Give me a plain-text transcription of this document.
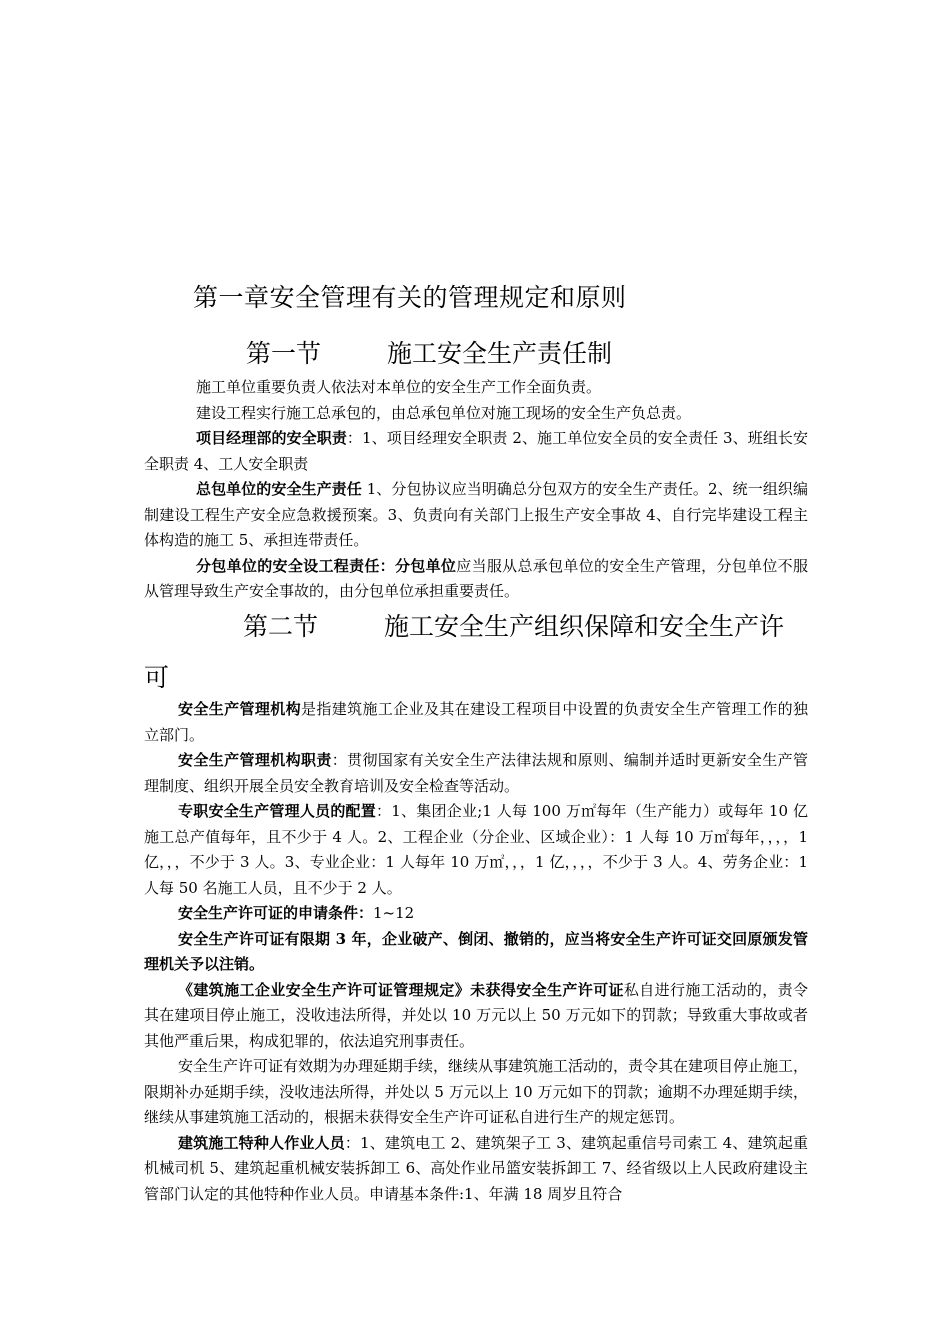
第一章安全管理有关的管理规定和原则
第一节	施工安全生产责任制

施工单位重要负责人依法对本单位的安全生产工作全面负责。

建设工程实行施工总承包的，由总承包单位对施工现场的安全生产负总责。

项目经理部的安全职责：1、项目经理安全职责 2、施工单位安全员的安全责任 3、班组长安全职责 4、工人安全职责

总包单位的安全生产责任 1、分包协议应当明确总分包双方的安全生产责任。2、统一组织编制建设工程生产安全应急救援预案。3、负责向有关部门上报生产安全事故 4、自行完毕建设工程主体构造的施工 5、承担连带责任。

分包单位的安全设工程责任：分包单位应当服从总承包单位的安全生产管理，分包单位不服从管理导致生产安全事故的，由分包单位承担重要责任。

第二节	施工安全生产组织保障和安全生产许
可

安全生产管理机构是指建筑施工企业及其在建设工程项目中设置的负责安全生产管理工作的独立部门。

安全生产管理机构职责：贯彻国家有关安全生产法律法规和原则、编制并适时更新安全生产管理制度、组织开展全员安全教育培训及安全检查等活动。

专职安全生产管理人员的配置：1、集团企业;1 人每 100 万㎡每年（生产能力）或每年 10 亿施工总产值每年，且不少于 4 人。2、工程企业（分企业、区域企业）：1 人每 10 万㎡每年，，，，1 亿，，，不少于 3 人。3、专业企业：1 人每年 10 万㎡，，，1 亿，，，，不少于 3 人。4、劳务企业：1 人每 50 名施工人员，且不少于 2 人。

安全生产许可证的申请条件：1~12

安全生产许可证有限期 3 年，企业破产、倒闭、撤销的，应当将安全生产许可证交回原颁发管理机关予以注销。

《建筑施工企业安全生产许可证管理规定》未获得安全生产许可证私自进行施工活动的，责令其在建项目停止施工，没收违法所得，并处以 10 万元以上 50 万元如下的罚款；导致重大事故或者其他严重后果，构成犯罪的，依法追究刑事责任。

安全生产许可证有效期为办理延期手续，继续从事建筑施工活动的，责令其在建项目停止施工，限期补办延期手续，没收违法所得，并处以 5 万元以上 10 万元如下的罚款；逾期不办理延期手续，继续从事建筑施工活动的，根据未获得安全生产许可证私自进行生产的规定惩罚。

建筑施工特种人作业人员：1、建筑电工 2、建筑架子工 3、建筑起重信号司索工 4、建筑起重机械司机 5、建筑起重机械安装拆卸工 6、高处作业吊篮安装拆卸工 7、经省级以上人民政府建设主管部门认定的其他特种作业人员。申请基本条件:1、年满 18 周岁且符合
